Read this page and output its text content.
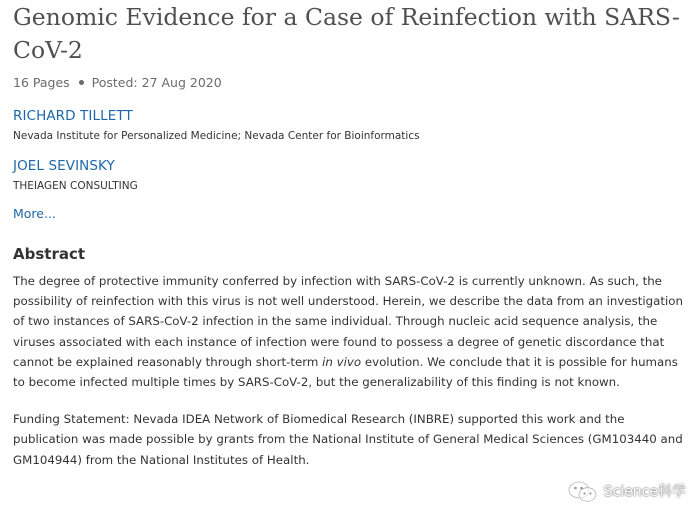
Genomic Evidence for a Case of Reinfection with SARS-CoV-2
16 Pages Posted: 27 Aug 2020
RICHARD TILLETT
Nevada Institute for Personalized Medicine; Nevada Center for Bioinformatics
JOEL SEVINSKY
THEIAGEN CONSULTING
More...
Abstract

The degree of protective immunity conferred by infection with SARS-CoV-2 is currently unknown. As such, the possibility of reinfection with this virus is not well understood. Herein, we describe the data from an investigation of two instances of SARS-CoV-2 infection in the same individual. Through nucleic acid sequence analysis, the viruses associated with each instance of infection were found to possess a degree of genetic discordance that cannot be explained reasonably through short-term in vivo evolution. We conclude that it is possible for humans to become infected multiple times by SARS-CoV-2, but the generalizability of this finding is not known.

Funding Statement: Nevada IDEA Network of Biomedical Research (INBRE) supported this work and the publication was made possible by grants from the National Institute of General Medical Sciences (GM103440 and GM104944) from the National Institutes of Health.

Science科学
